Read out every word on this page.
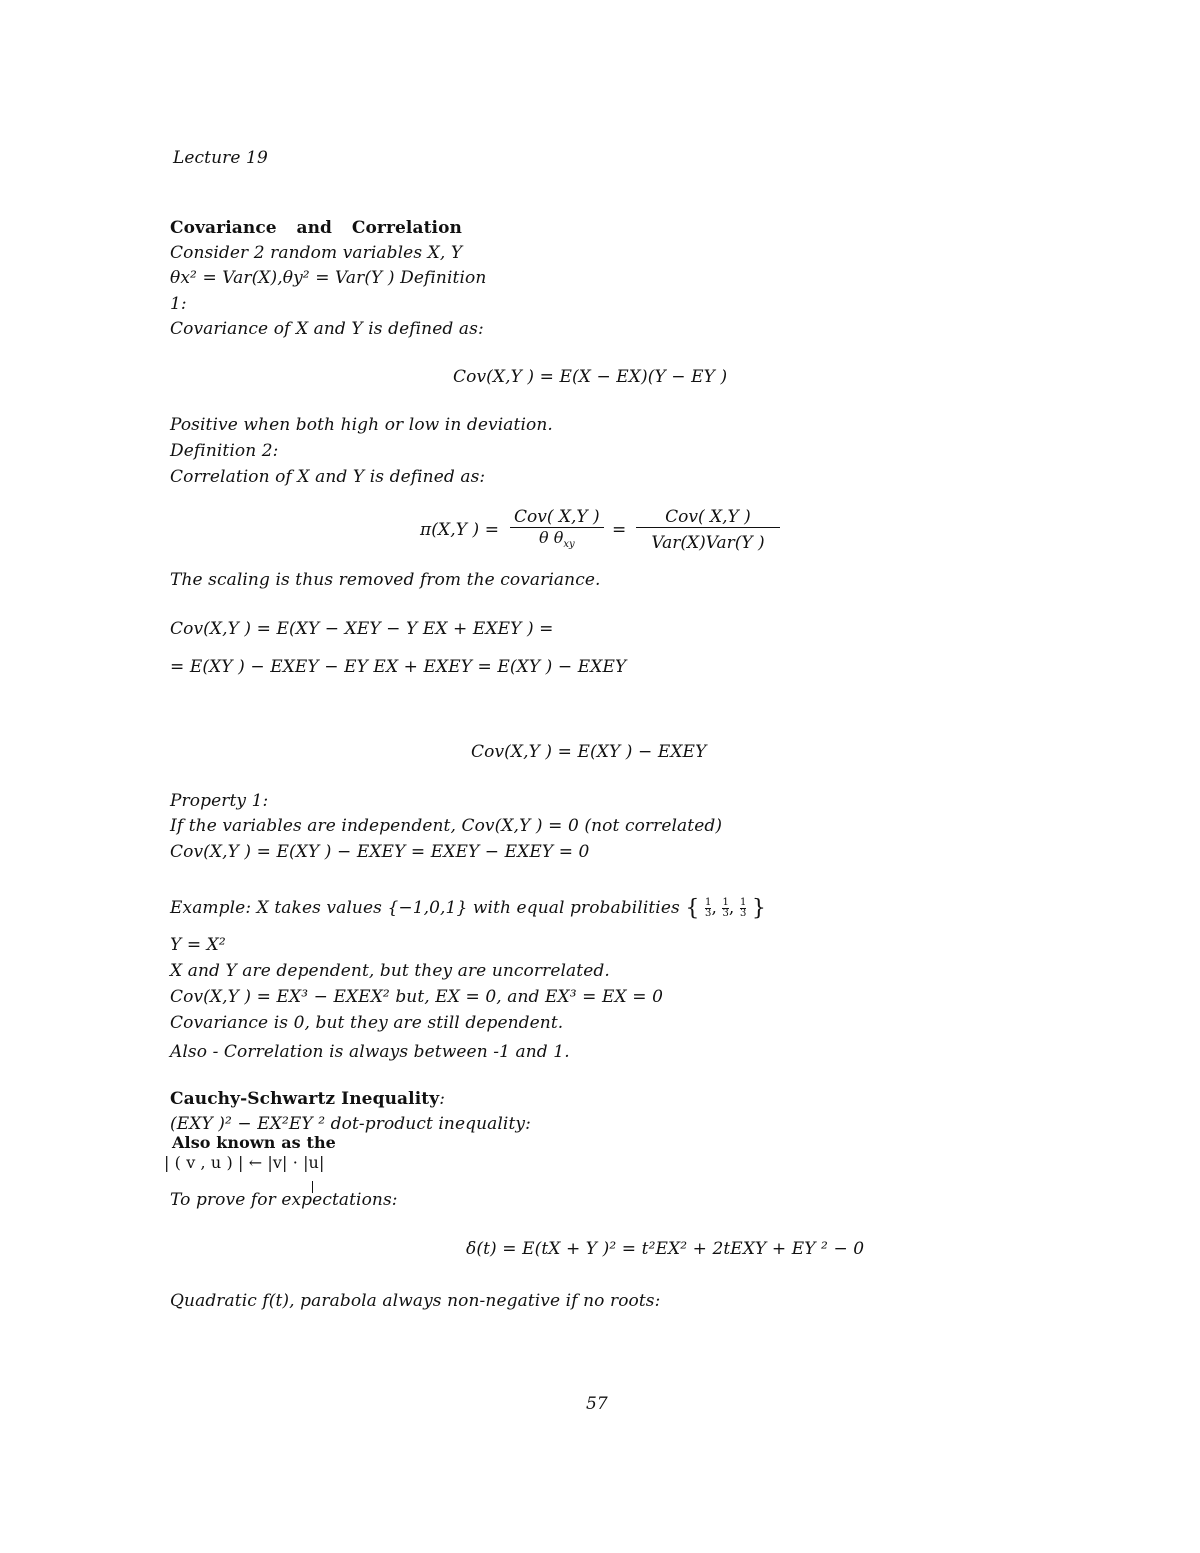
Lecture 19
Covariance and Correlation
Consider 2 random variables X, Y
θx² = Var(X),θy² = Var(Y ) Definition
1:
Covariance of X and Y is defined as:
Cov(X,Y ) = E(X − EX)(Y − EY )
Positive when both high or low in deviation.
Definition 2:
Correlation of X and Y is defined as:
π(X,Y ) =
Cov( X,Y )
θ $\theta_{xy}$
=
Cov( X,Y )
Var(X)Var(Y )
The scaling is thus removed from the covariance.
Cov(X,Y ) = E(XY − XEY − Y EX + EXEY ) =
= E(XY ) − EXEY − EY EX + EXEY = E(XY ) − EXEY
Cov(X,Y ) = E(XY ) − EXEY
Property 1:
If the variables are independent, Cov(X,Y ) = 0 (not correlated)
Cov(X,Y ) = E(XY ) − EXEY = EXEY − EXEY = 0
Example: X takes values {−1,0,1} with equal probabilities { $\frac{1}{3}$ , $\frac{1}{3}$ , $\frac{1}{3}$ }
Y = X²
X and Y are dependent, but they are uncorrelated.
Cov(X,Y ) = EX³ − EXEX² but, EX = 0, and EX³ = EX = 0
Covariance is 0, but they are still dependent.
Also - Correlation is always between -1 and 1.
Cauchy-Schwartz Inequality:
(EXY )² − EX²EY ² dot-product inequality:
Also known as the
| ( v , u ) | ← |v| · |u|
To prove for expectations:
δ(t) = E(tX + Y )² = t²EX² + 2tEXY + EY ² − 0
Quadratic f(t), parabola always non-negative if no roots:
57
